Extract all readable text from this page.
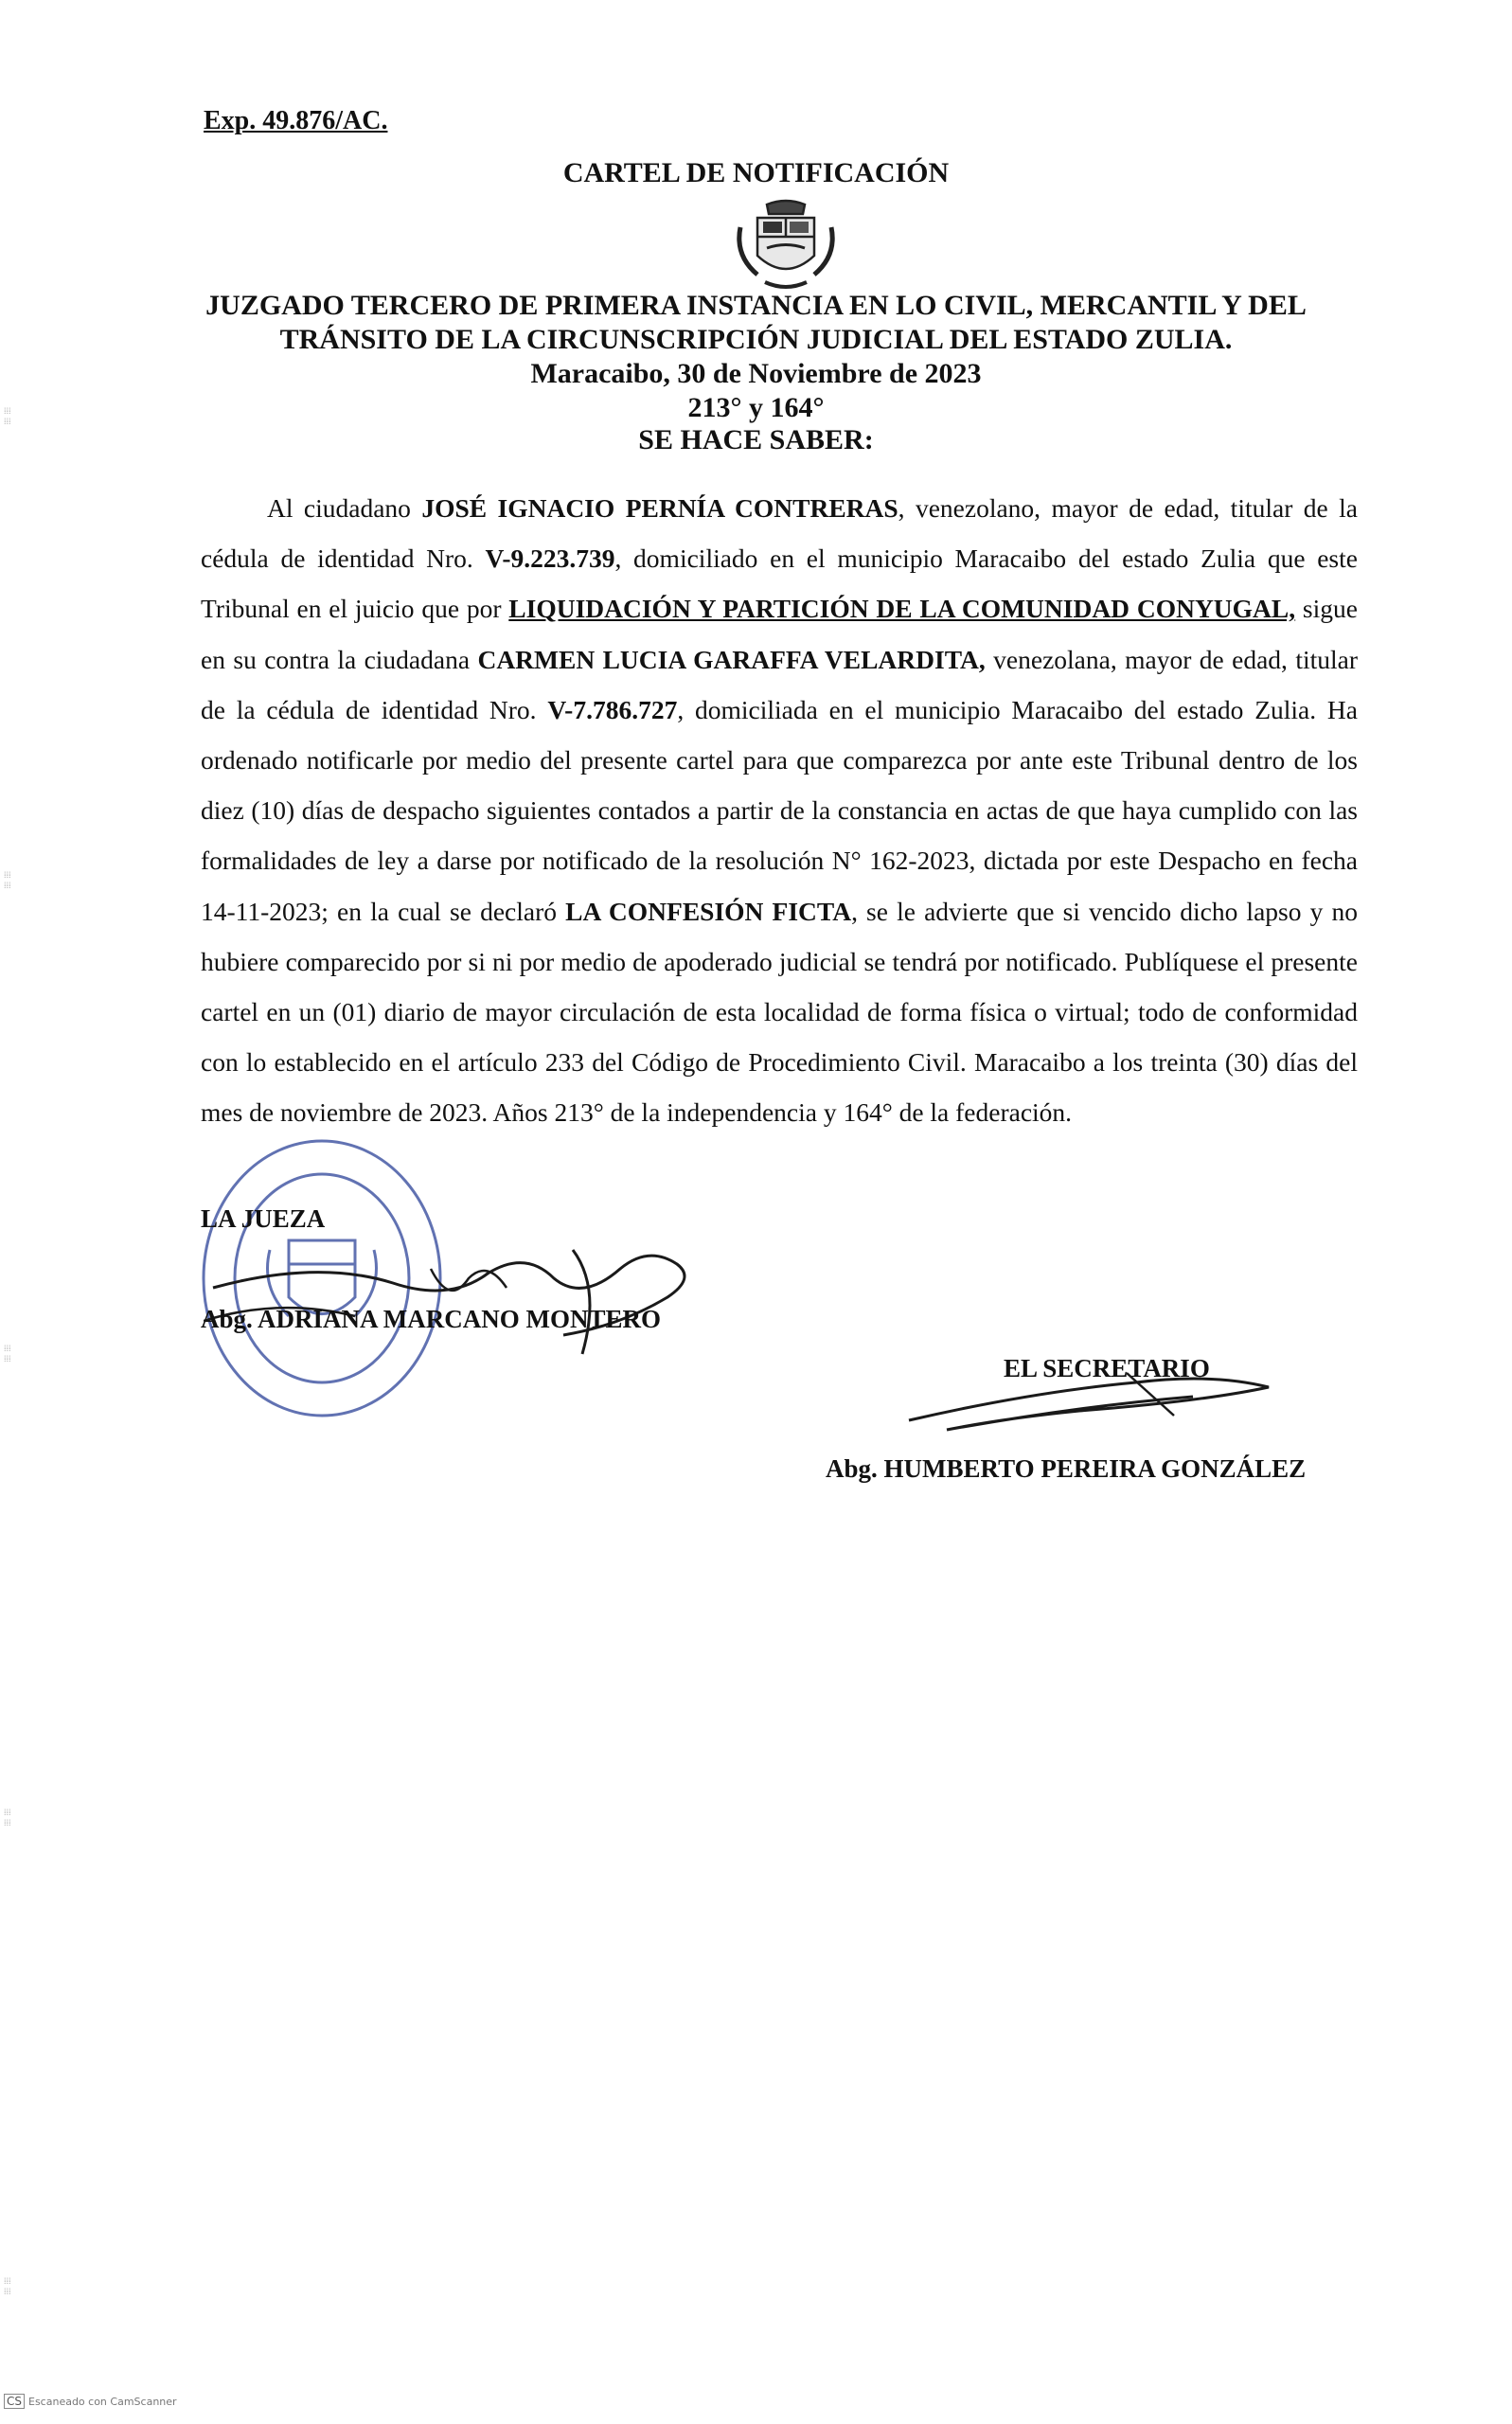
Exp. 49.876/AC.
CARTEL DE NOTIFICACIÓN
JUZGADO TERCERO DE PRIMERA INSTANCIA EN LO CIVIL, MERCANTIL Y DEL
TRÁNSITO DE LA CIRCUNSCRIPCIÓN JUDICIAL DEL ESTADO ZULIA.
Maracaibo, 30 de Noviembre de 2023
213° y 164°
SE HACE SABER:
Al ciudadano JOSÉ IGNACIO PERNÍA CONTRERAS, venezolano, mayor de edad, titular de la cédula de identidad Nro. V-9.223.739, domiciliado en el municipio Maracaibo del estado Zulia que este Tribunal en el juicio que por LIQUIDACIÓN Y PARTICIÓN DE LA COMUNIDAD CONYUGAL, sigue en su contra la ciudadana CARMEN LUCIA GARAFFA VELARDITA, venezolana, mayor de edad, titular de la cédula de identidad Nro. V-7.786.727, domiciliada en el municipio Maracaibo del estado Zulia. Ha ordenado notificarle por medio del presente cartel para que comparezca por ante este Tribunal dentro de los diez (10) días de despacho siguientes contados a partir de la constancia en actas de que haya cumplido con las formalidades de ley a darse por notificado de la resolución N° 162-2023, dictada por este Despacho en fecha 14-11-2023; en la cual se declaró LA CONFESIÓN FICTA, se le advierte que si vencido dicho lapso y no hubiere comparecido por si ni por medio de apoderado judicial se tendrá por notificado. Publíquese el presente cartel en un (01) diario de mayor circulación de esta localidad de forma física o virtual; todo de conformidad con lo establecido en el artículo 233 del Código de Procedimiento Civil. Maracaibo a los treinta (30) días del mes de noviembre de 2023. Años 213° de la independencia y 164° de la federación.
LA JUEZA
Abg. ADRIANA MARCANO MONTERO
EL SECRETARIO
Abg. HUMBERTO PEREIRA GONZÁLEZ
⁞⁞⁞
⁞⁞⁞
⁞⁞⁞
⁞⁞⁞
⁞⁞⁞
⁞⁞⁞
⁞⁞⁞
⁞⁞⁞
⁞⁞⁞
⁞⁞⁞
CS Escaneado con CamScanner
